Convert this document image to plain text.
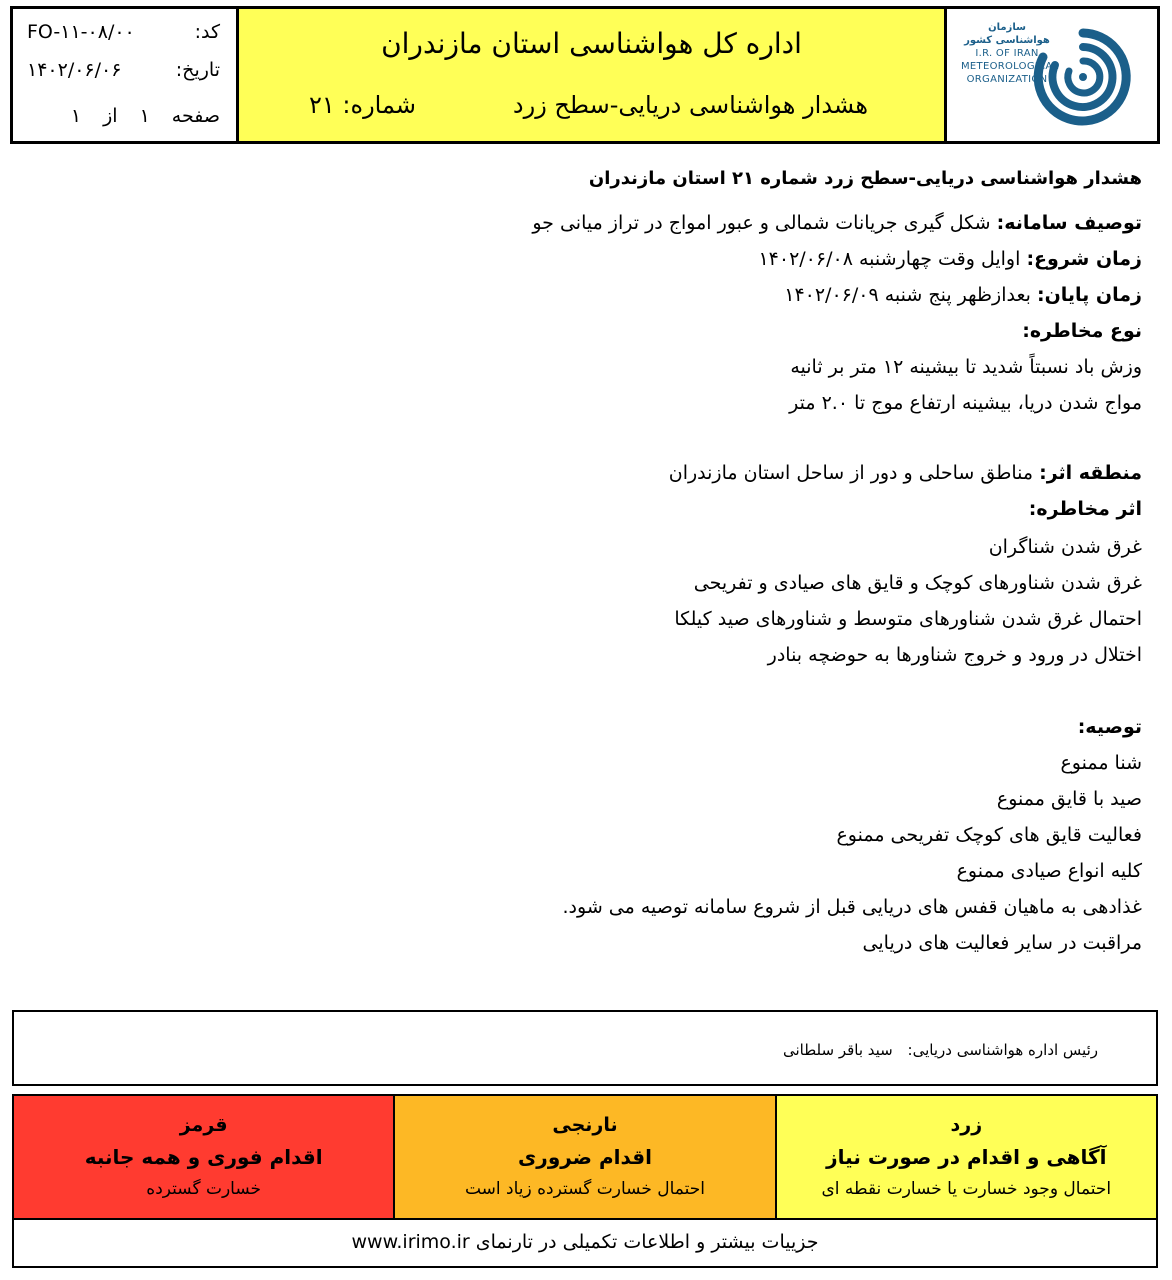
FO-۱۱-۰۸/۰۰	کد:
۱۴۰۲/۰۶/۰۶	تاریخ:
صفحه
۱
از
۱
اداره کل هواشناسی استان مازندران
هشدار هواشناسی دریایی-سطح زرد
شماره: ۲۱
سازمان هواشناسی کشور
I.R. OF IRAN
METEOROLOGICAL
ORGANIZATION
هشدار هواشناسی دریایی-سطح زرد شماره ۲۱ استان مازندران
توصیف سامانه: شکل گیری جریانات شمالی و عبور امواج در تراز میانی جو
زمان شروع: اوایل وقت چهارشنبه ۱۴۰۲/۰۶/۰۸
زمان پایان: بعدازظهر پنج شنبه ۱۴۰۲/۰۶/۰۹
نوع مخاطره:
وزش باد نسبتاً شدید تا بیشینه ۱۲ متر بر ثانیه
مواج شدن دریا، بیشینه ارتفاع موج تا ۲.۰ متر
منطقه اثر: مناطق ساحلی و دور از ساحل استان مازندران
اثر مخاطره:
غرق شدن شناگران
غرق شدن شناورهای کوچک و قایق های صیادی و تفریحی
احتمال غرق شدن شناورهای متوسط و شناورهای صید کیلکا
اختلال در ورود و خروج شناورها به حوضچه بنادر
توصیه:
شنا ممنوع
صید با قایق ممنوع
فعالیت قایق های کوچک تفریحی ممنوع
کلیه انواع صیادی ممنوع
غذادهی به ماهیان قفس های دریایی قبل از شروع سامانه توصیه می شود.
مراقبت در سایر فعالیت های دریایی
رئیس اداره هواشناسی دریایی: سید باقر سلطانی
قرمز
اقدام فوری و همه جانبه
خسارت گسترده
نارنجی
اقدام ضروری
احتمال خسارت گسترده زیاد است
زرد
آگاهی و اقدام در صورت نیاز
احتمال وجود خسارت یا خسارت نقطه ای
جزییات بیشتر و اطلاعات تکمیلی در تارنمای www.irimo.ir
